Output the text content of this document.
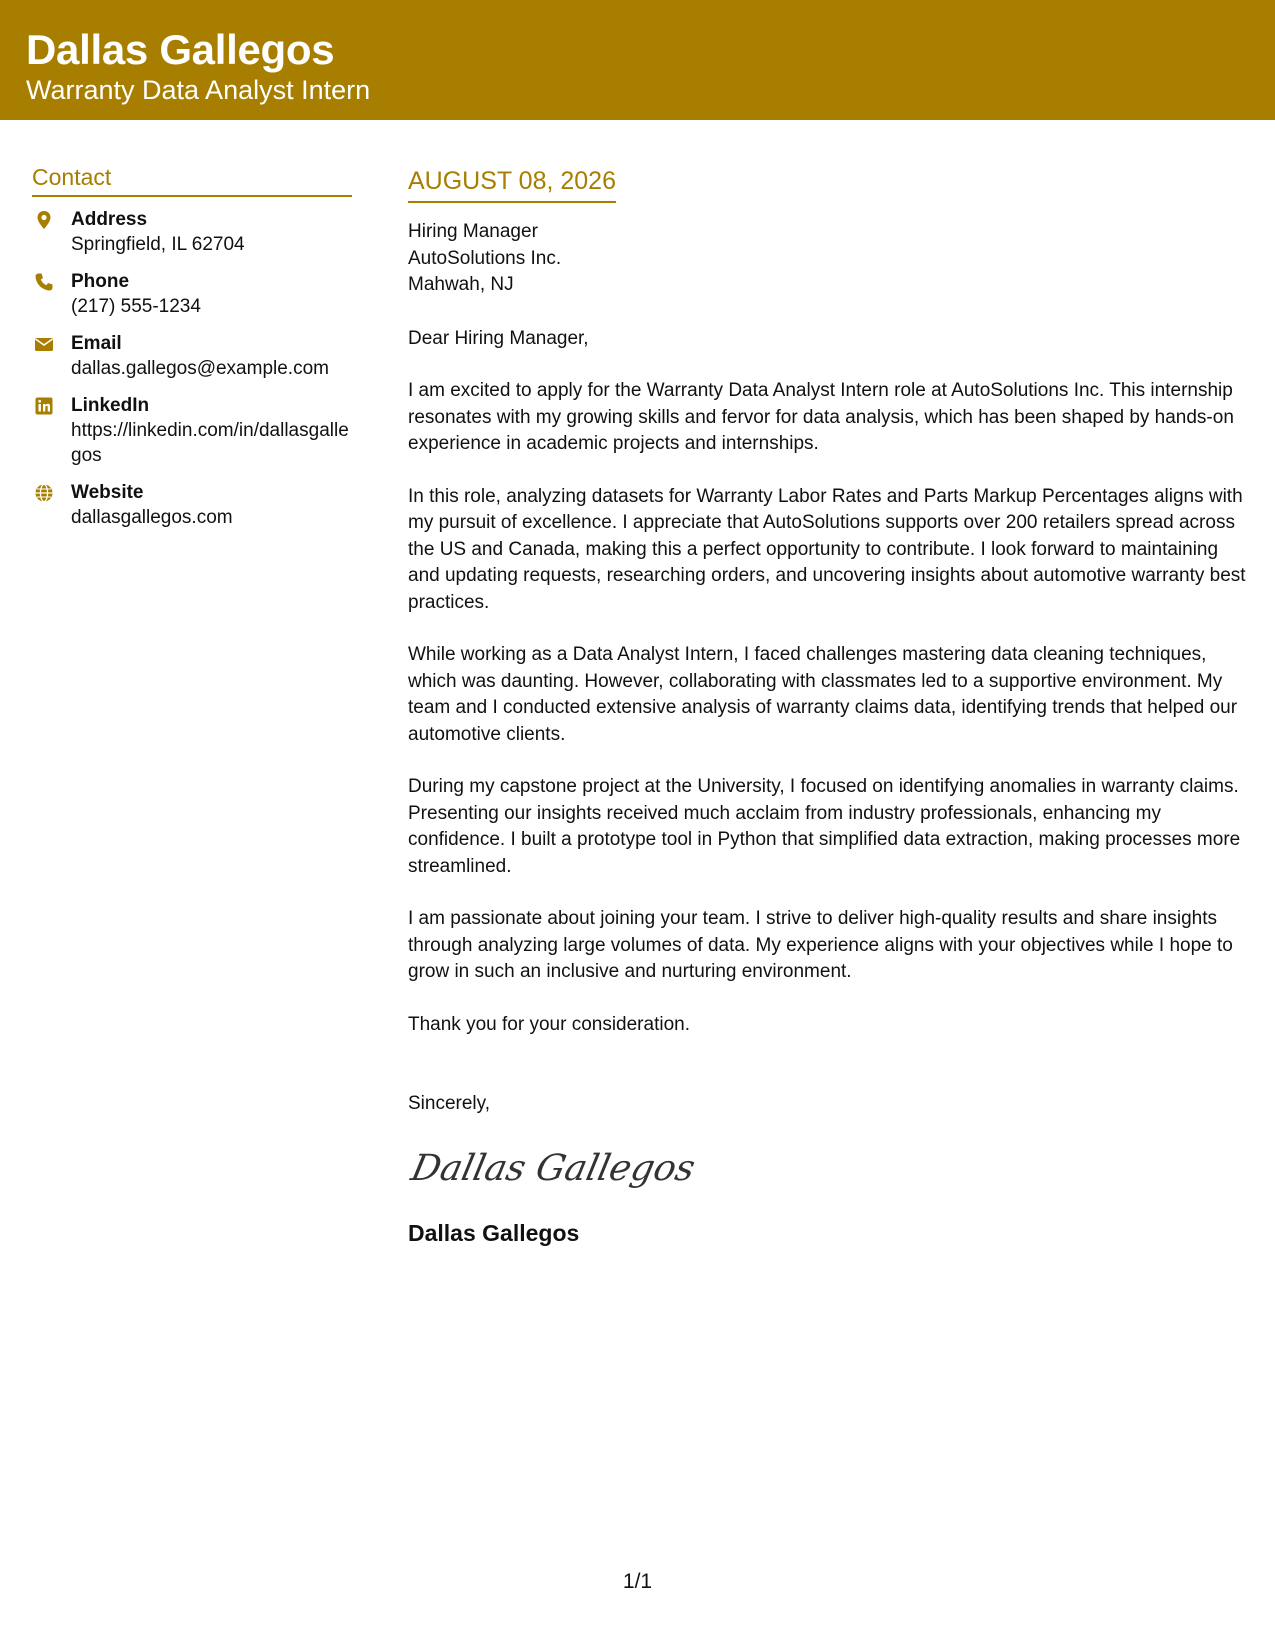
Dallas Gallegos
Warranty Data Analyst Intern
Contact
Address
Springfield, IL 62704
Phone
(217) 555-1234
Email
dallas.gallegos@example.com
LinkedIn
https://linkedin.com/in/dallasgallegos
Website
dallasgallegos.com
AUGUST 08, 2026
Hiring Manager
AutoSolutions Inc.
Mahwah, NJ
Dear Hiring Manager,
I am excited to apply for the Warranty Data Analyst Intern role at AutoSolutions Inc. This internship resonates with my growing skills and fervor for data analysis, which has been shaped by hands-on experience in academic projects and internships.
In this role, analyzing datasets for Warranty Labor Rates and Parts Markup Percentages aligns with my pursuit of excellence. I appreciate that AutoSolutions supports over 200 retailers spread across the US and Canada, making this a perfect opportunity to contribute. I look forward to maintaining and updating requests, researching orders, and uncovering insights about automotive warranty best practices.
While working as a Data Analyst Intern, I faced challenges mastering data cleaning techniques, which was daunting. However, collaborating with classmates led to a supportive environment. My team and I conducted extensive analysis of warranty claims data, identifying trends that helped our automotive clients.
During my capstone project at the University, I focused on identifying anomalies in warranty claims. Presenting our insights received much acclaim from industry professionals, enhancing my confidence. I built a prototype tool in Python that simplified data extraction, making processes more streamlined.
I am passionate about joining your team. I strive to deliver high-quality results and share insights through analyzing large volumes of data. My experience aligns with your objectives while I hope to grow in such an inclusive and nurturing environment.
Thank you for your consideration.
Sincerely,
Dallas Gallegos
Dallas Gallegos
1/1
